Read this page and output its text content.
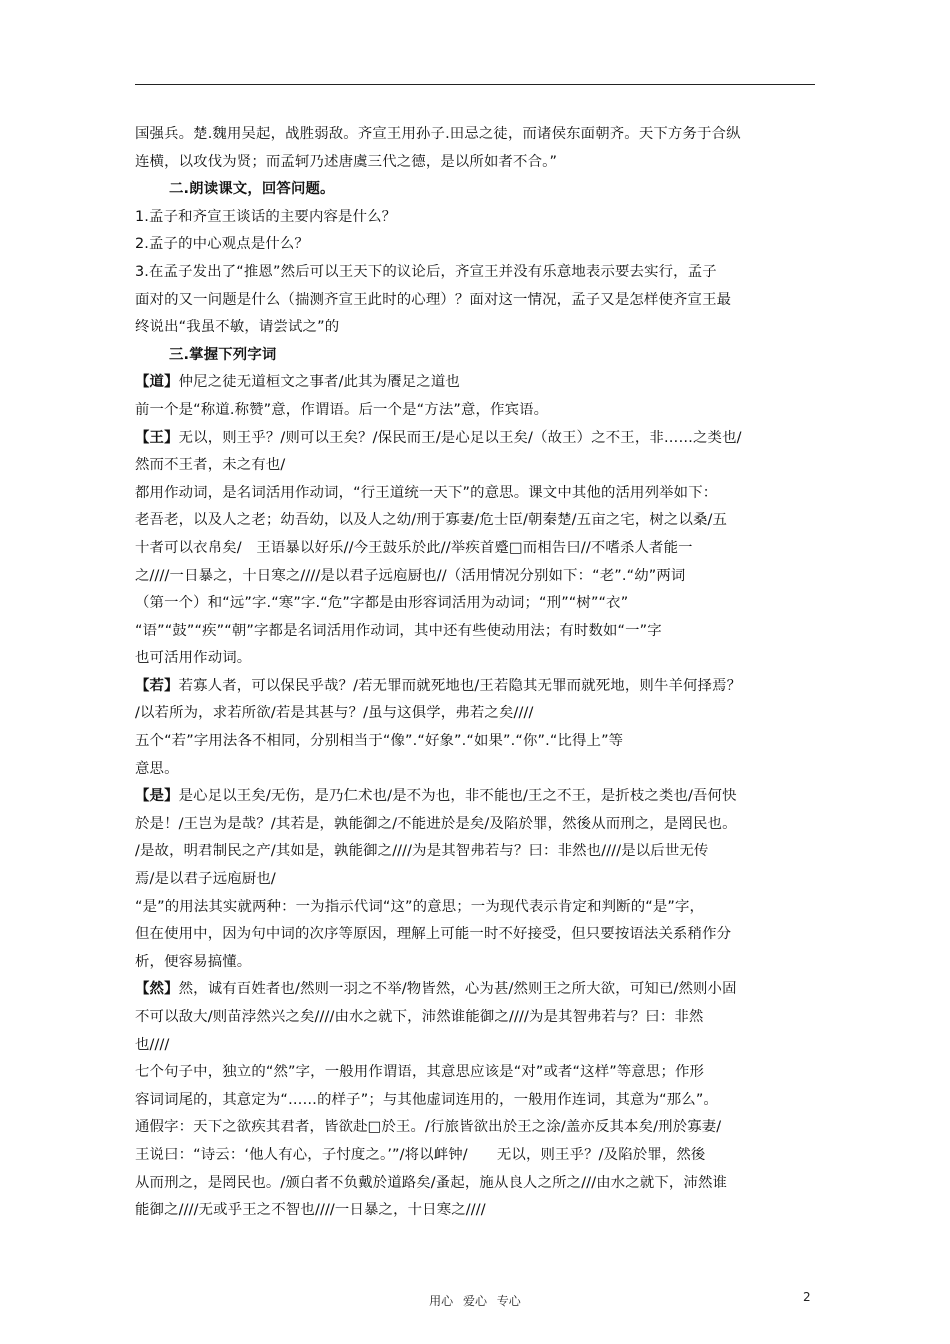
国强兵。楚.魏用吴起，战胜弱敌。齐宣王用孙子.田忌之徒，而诸侯东面朝齐。天下方务于合纵

连横，以攻伐为贤；而孟轲乃述唐虞三代之德，是以所如者不合。”

二.朗读课文，回答问题。

1.孟子和齐宣王谈话的主要内容是什么？

2.孟子的中心观点是什么？

3.在孟子发出了“推恩”然后可以王天下的议论后，齐宣王并没有乐意地表示要去实行，孟子

面对的又一问题是什么（揣测齐宣王此时的心理）？面对这一情况，孟子又是怎样使齐宣王最

终说出“我虽不敏，请尝试之”的

三.掌握下列字词

【道】仲尼之徒无道桓文之事者/此其为餍足之道也

前一个是“称道.称赞”意，作谓语。后一个是“方法”意，作宾语。

【王】无以，则王乎？/则可以王矣？/保民而王/是心足以王矣/（故王）之不王，非……之类也/

然而不王者，未之有也/

都用作动词，是名词活用作动词，“行王道统一天下”的意思。课文中其他的活用列举如下：

老吾老，以及人之老；幼吾幼，以及人之幼/刑于寡妻/危士臣/朝秦楚/五亩之宅，树之以桑/五

十者可以衣帛矣/　王语暴以好乐//今王鼓乐於此//举疾首蹙□而相告曰//不嗜杀人者能一

之////一日暴之，十日寒之////是以君子远庖厨也//（活用情况分别如下：“老”.“幼”两词

（第一个）和“远”字.“寒”字.“危”字都是由形容词活用为动词；“刑”“树”“衣”

“语”“鼓”“疾”“朝”字都是名词活用作动词，其中还有些使动用法；有时数如“一”字

也可活用作动词。

【若】若寡人者，可以保民乎哉？/若无罪而就死地也/王若隐其无罪而就死地，则牛羊何择焉？

/以若所为，求若所欲/若是其甚与？/虽与这俱学，弗若之矣////

五个“若”字用法各不相同，分别相当于“像”.“好象”.“如果”.“你”.“比得上”等

意思。

【是】是心足以王矣/无伤，是乃仁术也/是不为也，非不能也/王之不王，是折枝之类也/吾何快

於是！/王岂为是哉？/其若是，孰能御之/不能进於是矣/及陷於罪，然後从而刑之，是罔民也。

/是故，明君制民之产/其如是，孰能御之////为是其智弗若与？曰：非然也////是以后世无传

焉/是以君子远庖厨也/

“是”的用法其实就两种：一为指示代词“这”的意思；一为现代表示肯定和判断的“是”字，

但在使用中，因为句中词的次序等原因，理解上可能一时不好接受，但只要按语法关系稍作分

析，便容易搞懂。

【然】然，诚有百姓者也/然则一羽之不举/物皆然，心为甚/然则王之所大欲，可知已/然则小固

不可以敌大/则苗浡然兴之矣////由水之就下，沛然谁能御之////为是其智弗若与？曰：非然

也////

七个句子中，独立的“然”字，一般用作谓语，其意思应该是“对”或者“这样”等意思；作形

容词词尾的，其意定为“……的样子”；与其他虚词连用的，一般用作连词，其意为“那么”。

通假字：天下之欲疾其君者，皆欲赴□於王。/行旅皆欲出於王之涂/盖亦反其本矣/刑於寡妻/

王说曰：“诗云：‘他人有心，子忖度之。’”/将以衅钟/　　无以，则王乎？/及陷於罪，然後

从而刑之，是罔民也。/颁白者不负戴於道路矣/蚤起，施从良人之所之///由水之就下，沛然谁

能御之////无或乎王之不智也////一日暴之，十日寒之////

用心 爱心 专心	2
